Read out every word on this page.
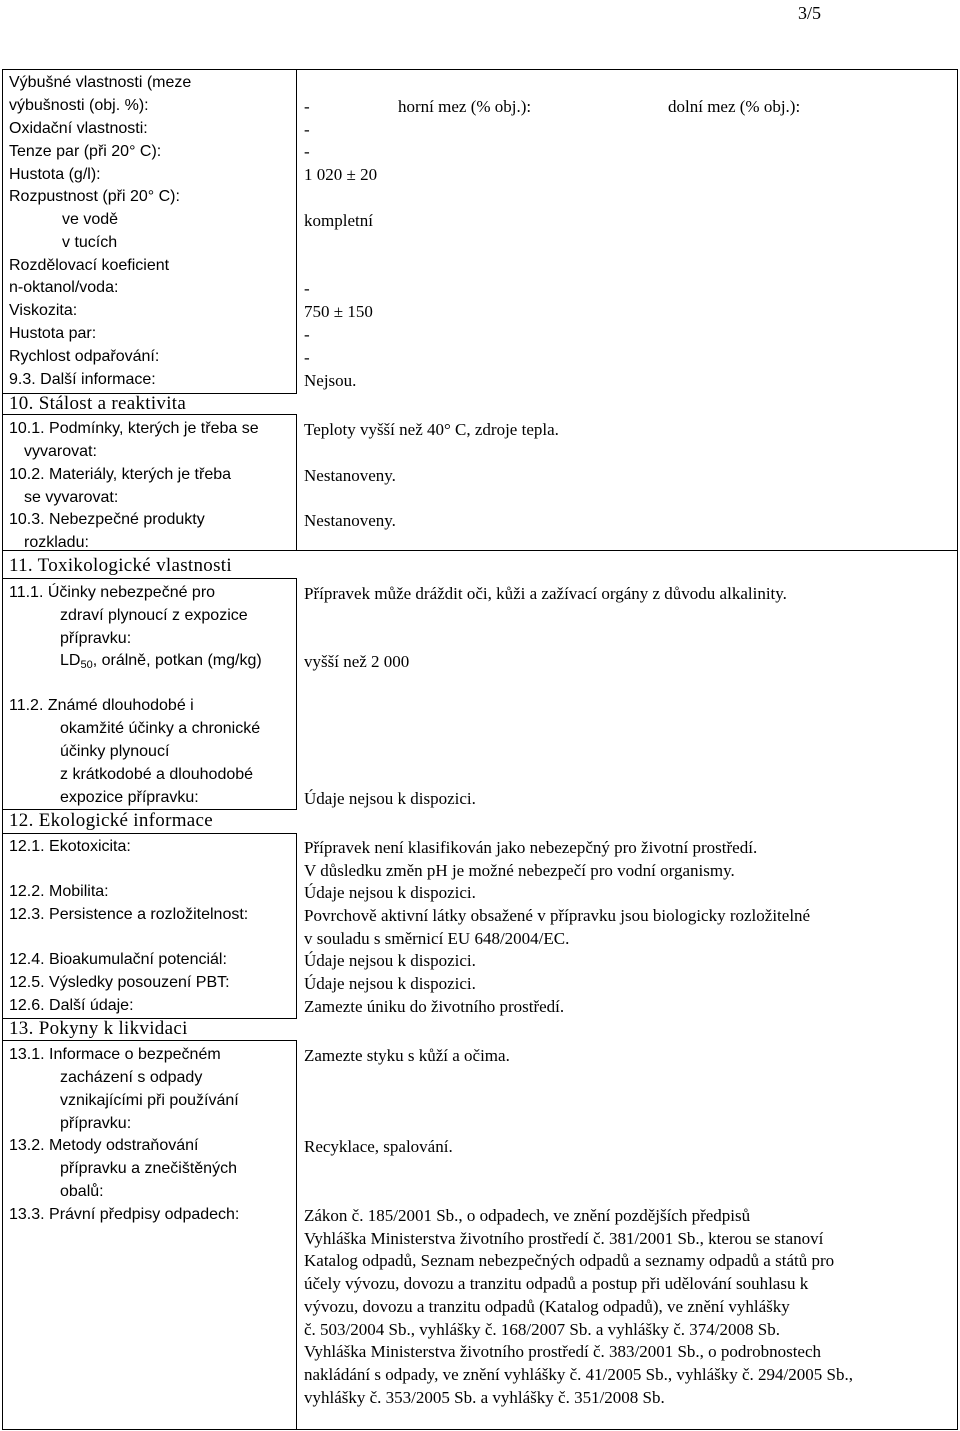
3/5
Výbušné vlastnosti (meze
výbušnosti (obj. %):
Oxidační vlastnosti:
Tenze par (při 20° C):
Hustota (g/l):
Rozpustnost (při 20° C):
ve vodě
v tucích
Rozdělovací koeficient
n-oktanol/voda:
Viskozita:
Hustota par:
Rychlost odpařování:
9.3. Další informace:
10. Stálost a reaktivita
10.1. Podmínky, kterých je třeba se
vyvarovat:
10.2. Materiály, kterých je třeba
se vyvarovat:
10.3. Nebezpečné produkty
rozkladu:
11. Toxikologické vlastnosti
11.1. Účinky nebezpečné pro
zdraví plynoucí z expozice
přípravku:
$LD_{50}$, orálně, potkan (mg/kg)
11.2. Známé dlouhodobé i
okamžité účinky a chronické
účinky plynoucí
z krátkodobé a dlouhodobé
expozice přípravku:
12. Ekologické informace
12.1. Ekotoxicita:
12.2. Mobilita:
12.3. Persistence a rozložitelnost:
12.4. Bioakumulační potenciál:
12.5. Výsledky posouzení PBT:
12.6. Další údaje:
13. Pokyny k likvidaci
13.1. Informace o bezpečném
zacházení s odpady
vznikajícími při používání
přípravku:
13.2. Metody odstraňování
přípravku a znečištěných
obalů:
13.3. Právní předpisy odpadech:
-	horní mez (% obj.):	dolní mez (% obj.):
-
-
1 020 ± 20
kompletní
-
750 ± 150
-
-
Nejsou.
Teploty vyšší než 40° C, zdroje tepla.
Nestanoveny.
Nestanoveny.
Přípravek může dráždit oči, kůži a zažívací orgány z důvodu alkalinity.
vyšší než 2 000
Údaje nejsou k dispozici.
Přípravek není klasifikován jako nebezepčný pro životní prostředí.
V důsledku změn pH je možné nebezpečí pro vodní organismy.
Údaje nejsou k dispozici.
Povrchově aktivní látky obsažené v přípravku jsou biologicky rozložitelné
v souladu s směrnicí EU 648/2004/EC.
Údaje nejsou k dispozici.
Údaje nejsou k dispozici.
Zamezte úniku do životního prostředí.
Zamezte styku s kůží a očima.
Recyklace, spalování.
Zákon č. 185/2001 Sb., o odpadech, ve znění pozdějších předpisů
Vyhláška Ministerstva životního prostředí č. 381/2001 Sb., kterou se stanoví
Katalog odpadů, Seznam nebezpečných odpadů a seznamy odpadů a států pro
účely vývozu, dovozu a tranzitu odpadů a postup při udělování souhlasu k
vývozu, dovozu a tranzitu odpadů (Katalog odpadů), ve znění vyhlášky
č. 503/2004 Sb., vyhlášky č. 168/2007 Sb. a vyhlášky č. 374/2008 Sb.
Vyhláška Ministerstva životního prostředí č. 383/2001 Sb., o podrobnostech
nakládání s odpady, ve znění vyhlášky č. 41/2005 Sb., vyhlášky č. 294/2005 Sb.,
vyhlášky č. 353/2005 Sb. a vyhlášky č. 351/2008 Sb.
